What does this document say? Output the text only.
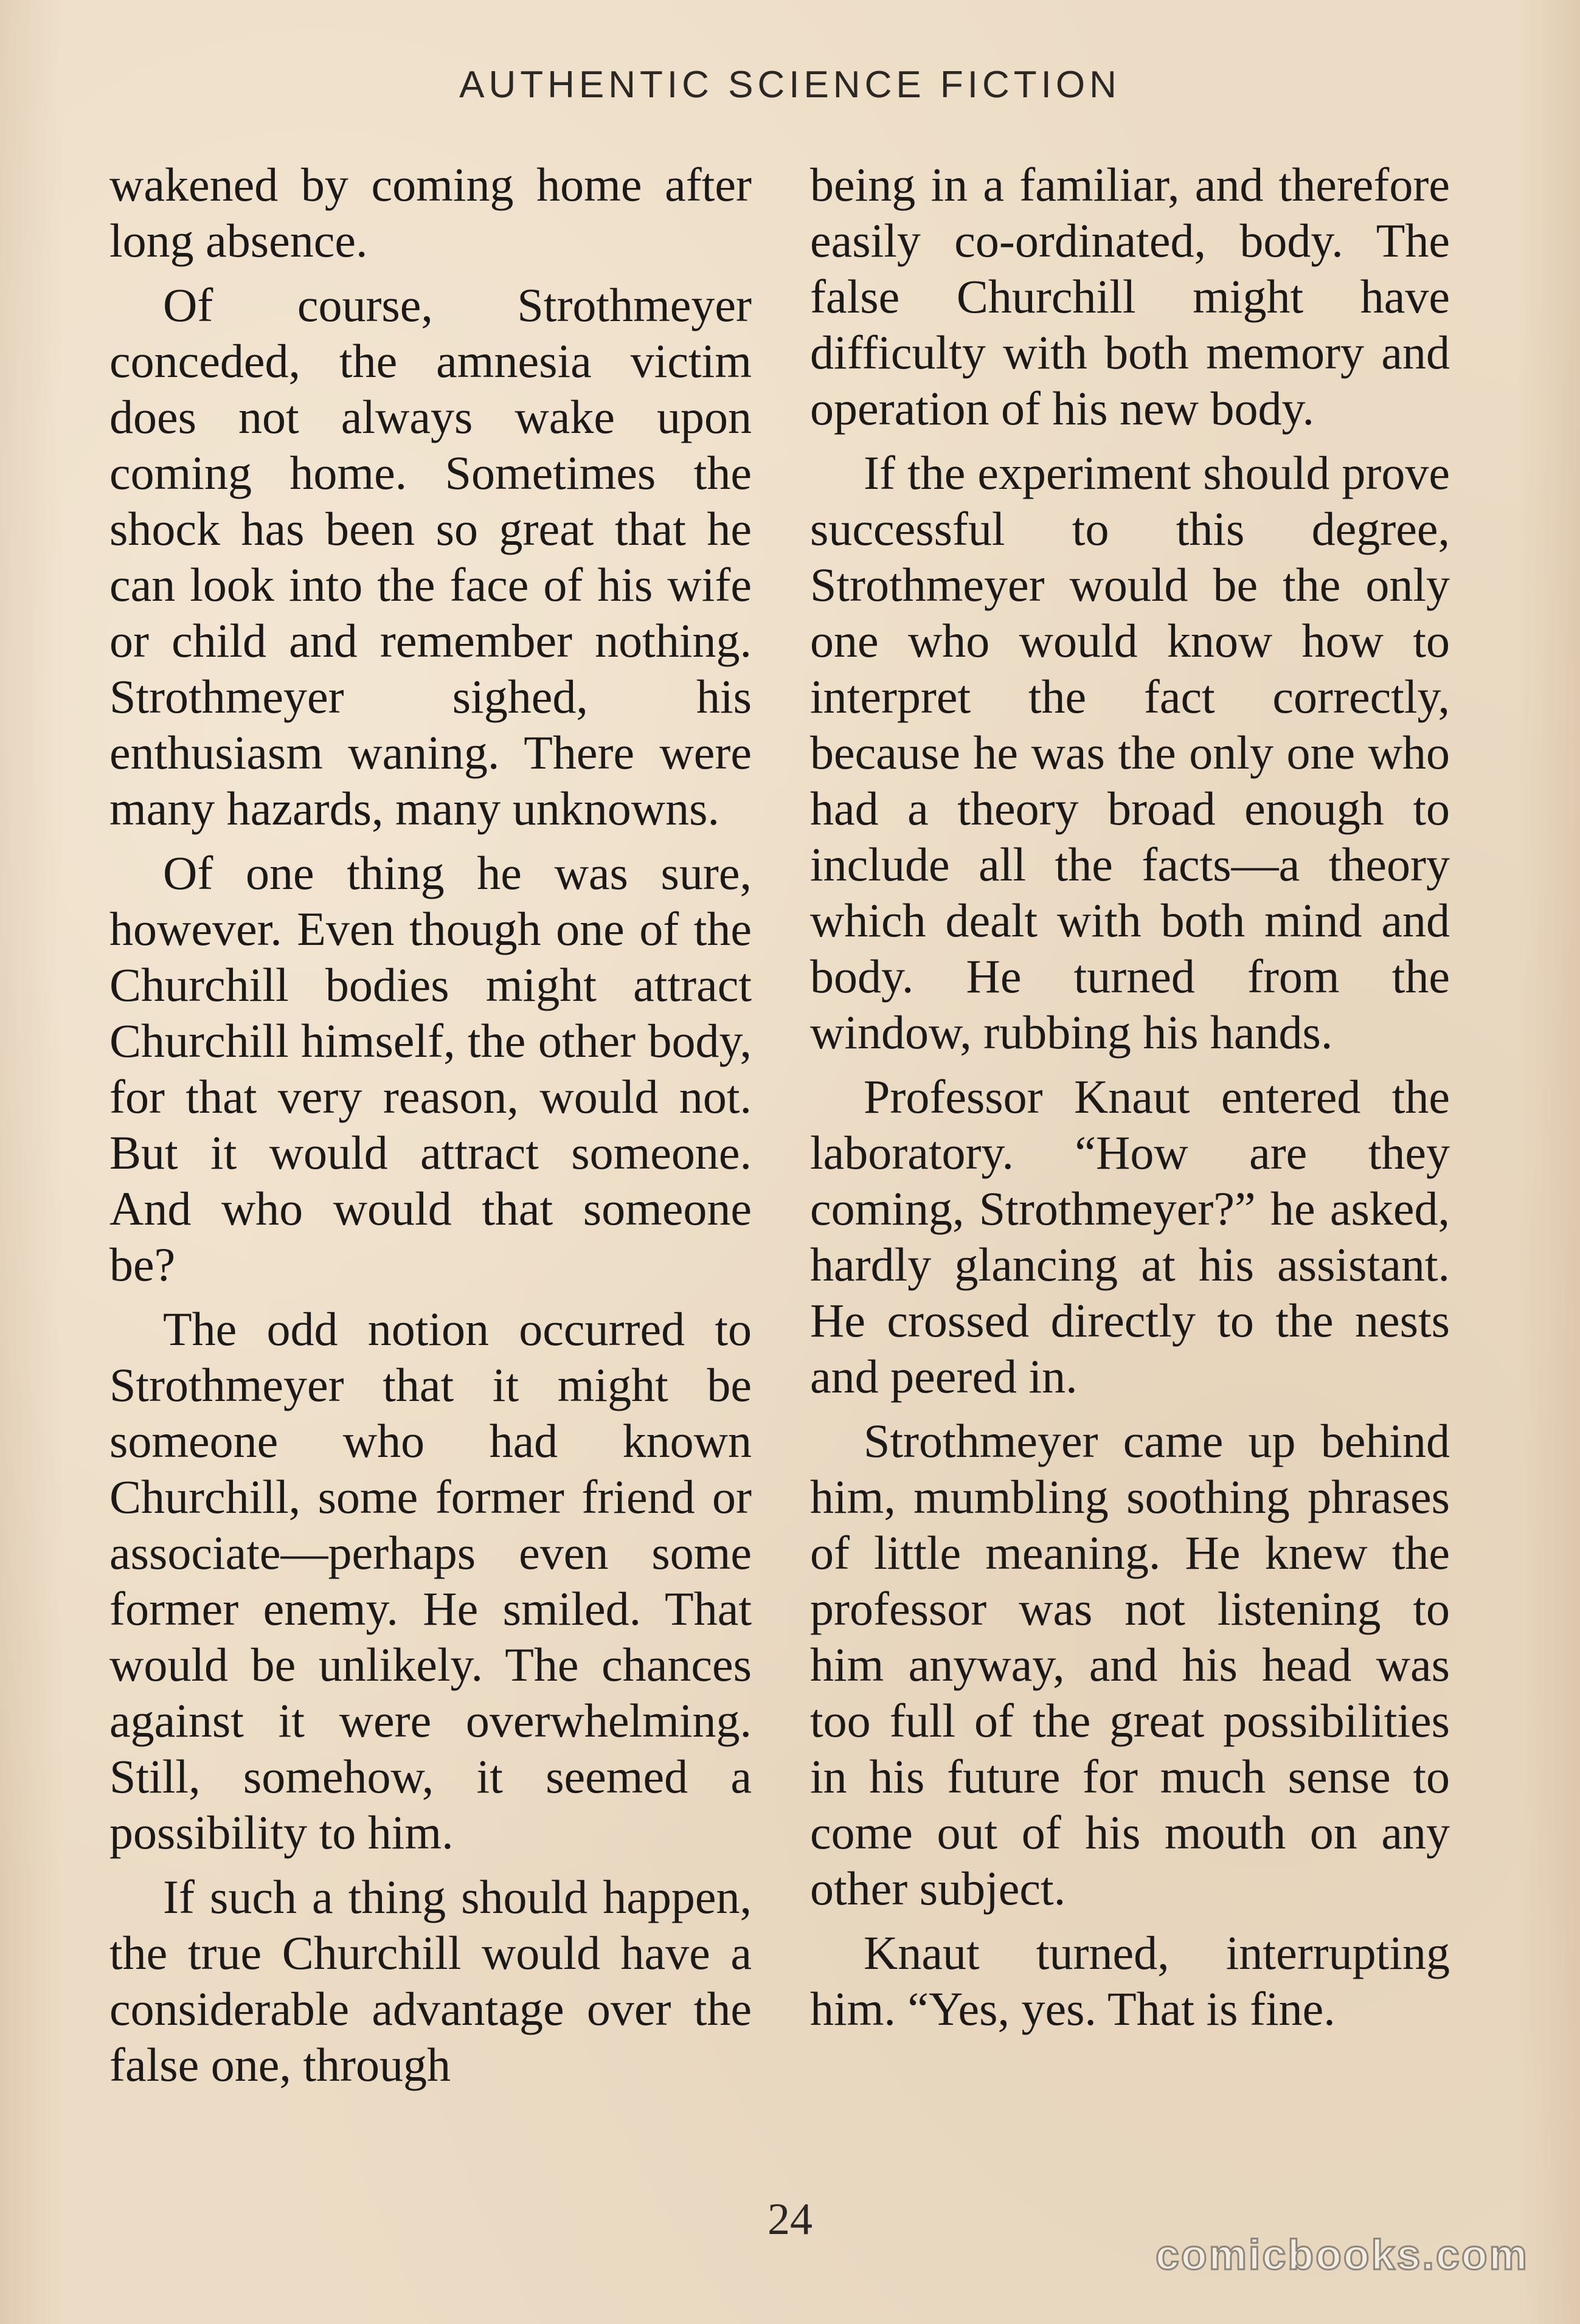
AUTHENTIC SCIENCE FICTION

wakened by coming home after long absence.

Of course, Strothmeyer conceded, the amnesia victim does not always wake upon coming home. Sometimes the shock has been so great that he can look into the face of his wife or child and remember nothing. Strothmeyer sighed, his enthusiasm waning. There were many hazards, many unknowns.

Of one thing he was sure, however. Even though one of the Churchill bodies might attract Churchill himself, the other body, for that very reason, would not. But it would attract someone. And who would that someone be?

The odd notion occurred to Strothmeyer that it might be someone who had known Churchill, some former friend or associate—perhaps even some former enemy. He smiled. That would be unlikely. The chances against it were overwhelming. Still, somehow, it seemed a possibility to him.

If such a thing should happen, the true Churchill would have a considerable advantage over the false one, through

being in a familiar, and therefore easily co-ordinated, body. The false Churchill might have difficulty with both memory and operation of his new body.

If the experiment should prove successful to this degree, Strothmeyer would be the only one who would know how to interpret the fact correctly, because he was the only one who had a theory broad enough to include all the facts—a theory which dealt with both mind and body. He turned from the window, rubbing his hands.

Professor Knaut entered the laboratory. “How are they coming, Strothmeyer?” he asked, hardly glancing at his assistant. He crossed directly to the nests and peered in.

Strothmeyer came up behind him, mumbling soothing phrases of little meaning. He knew the professor was not listening to him anyway, and his head was too full of the great possibilities in his future for much sense to come out of his mouth on any other subject.

Knaut turned, interrupting him. “Yes, yes. That is fine.

24
comicbooks.com
